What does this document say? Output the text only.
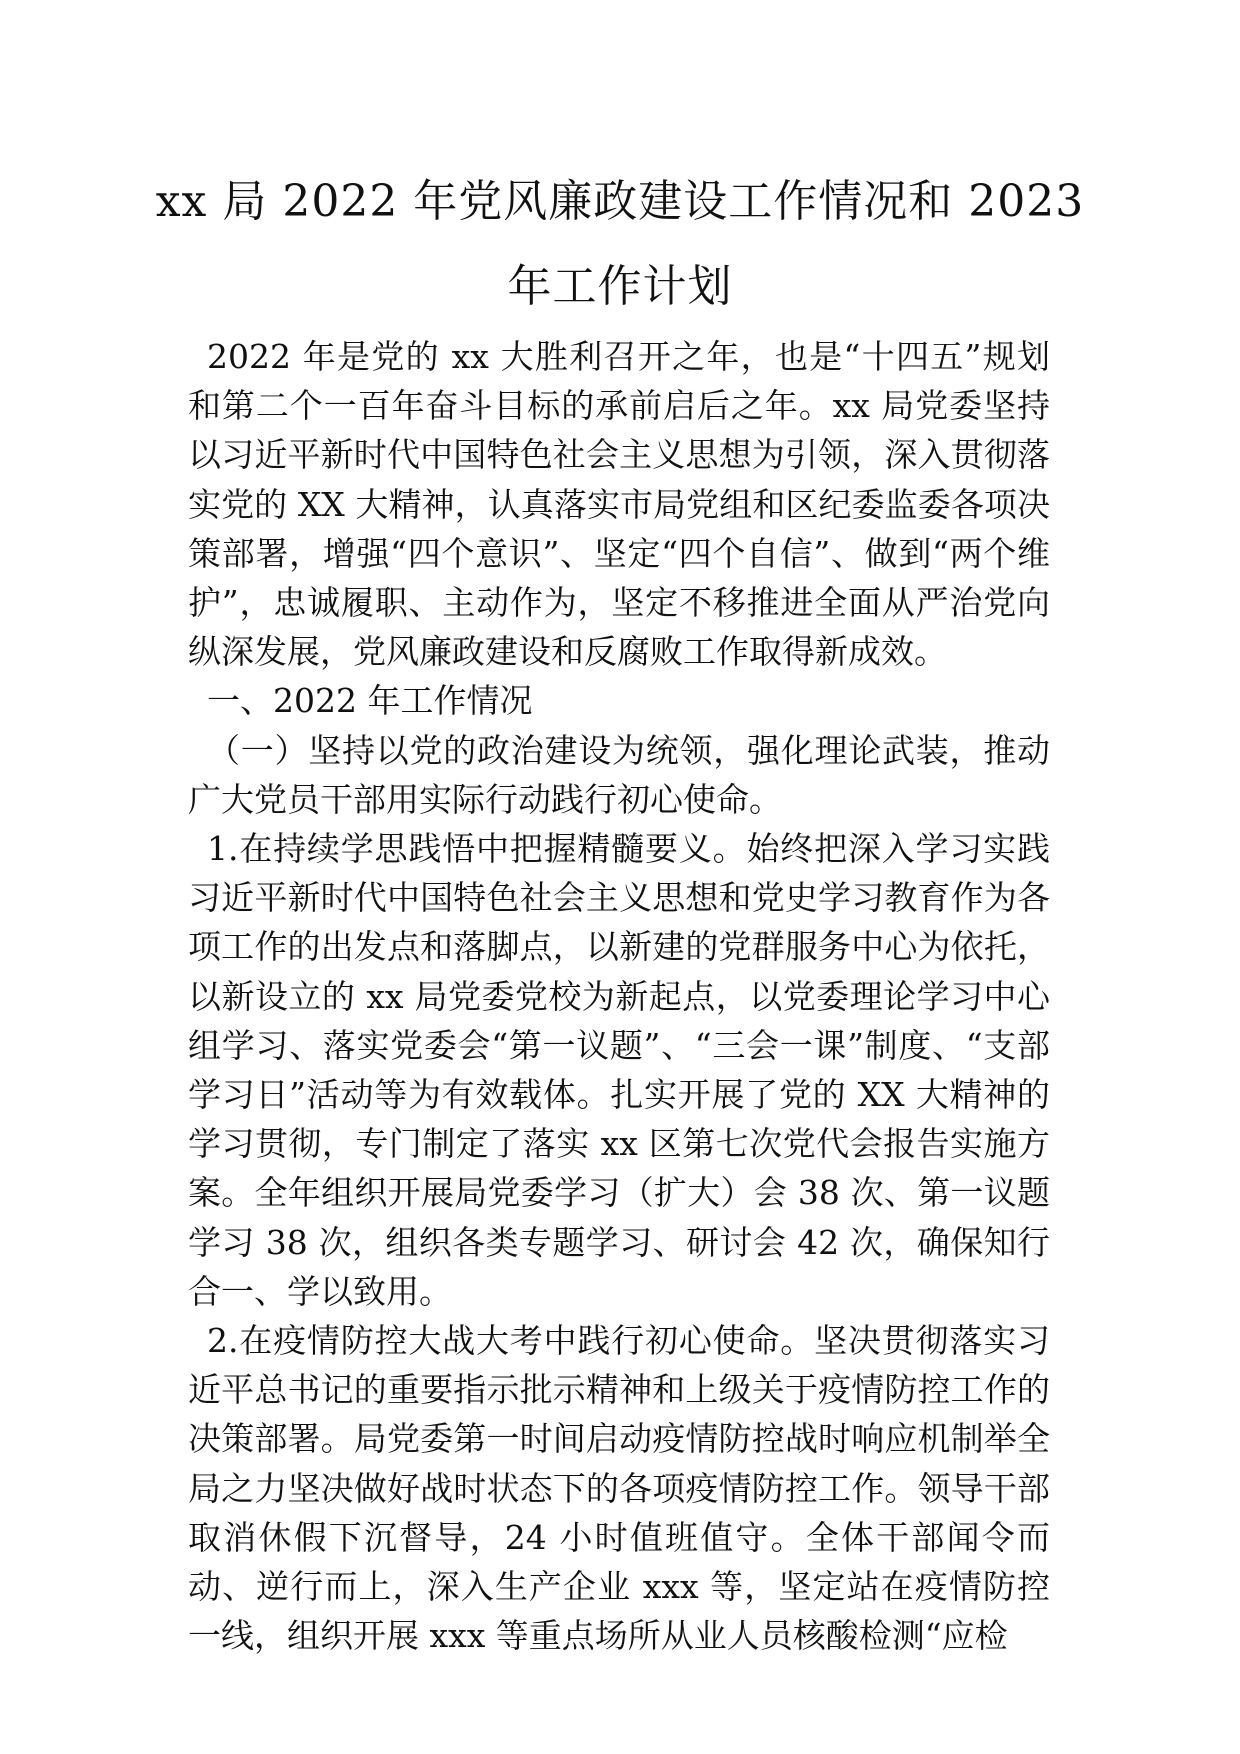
xx 局 2022 年党风廉政建设工作情况和 2023
年工作计划

2022 年是党的 xx 大胜利召开之年，也是“十四五”规划和第二个一百年奋斗目标的承前启后之年。xx 局党委坚持以习近平新时代中国特色社会主义思想为引领，深入贯彻落实党的 XX 大精神，认真落实市局党组和区纪委监委各项决策部署，增强“四个意识”、坚定“四个自信”、做到“两个维护”，忠诚履职、主动作为，坚定不移推进全面从严治党向纵深发展，党风廉政建设和反腐败工作取得新成效。

一、2022 年工作情况

（一）坚持以党的政治建设为统领，强化理论武装，推动广大党员干部用实际行动践行初心使命。

1.在持续学思践悟中把握精髓要义。始终把深入学习实践习近平新时代中国特色社会主义思想和党史学习教育作为各项工作的出发点和落脚点，以新建的党群服务中心为依托，以新设立的 xx 局党委党校为新起点，以党委理论学习中心组学习、落实党委会“第一议题”、“三会一课”制度、“支部学习日”活动等为有效载体。扎实开展了党的 XX 大精神的学习贯彻，专门制定了落实 xx 区第七次党代会报告实施方案。全年组织开展局党委学习（扩大）会 38 次、第一议题学习 38 次，组织各类专题学习、研讨会 42 次，确保知行合一、学以致用。

2.在疫情防控大战大考中践行初心使命。坚决贯彻落实习近平总书记的重要指示批示精神和上级关于疫情防控工作的决策部署。局党委第一时间启动疫情防控战时响应机制举全局之力坚决做好战时状态下的各项疫情防控工作。领导干部取消休假下沉督导，24 小时值班值守。全体干部闻令而动、逆行而上，深入生产企业 xxx 等，坚定站在疫情防控一线，组织开展 xxx 等重点场所从业人员核酸检测“应检
